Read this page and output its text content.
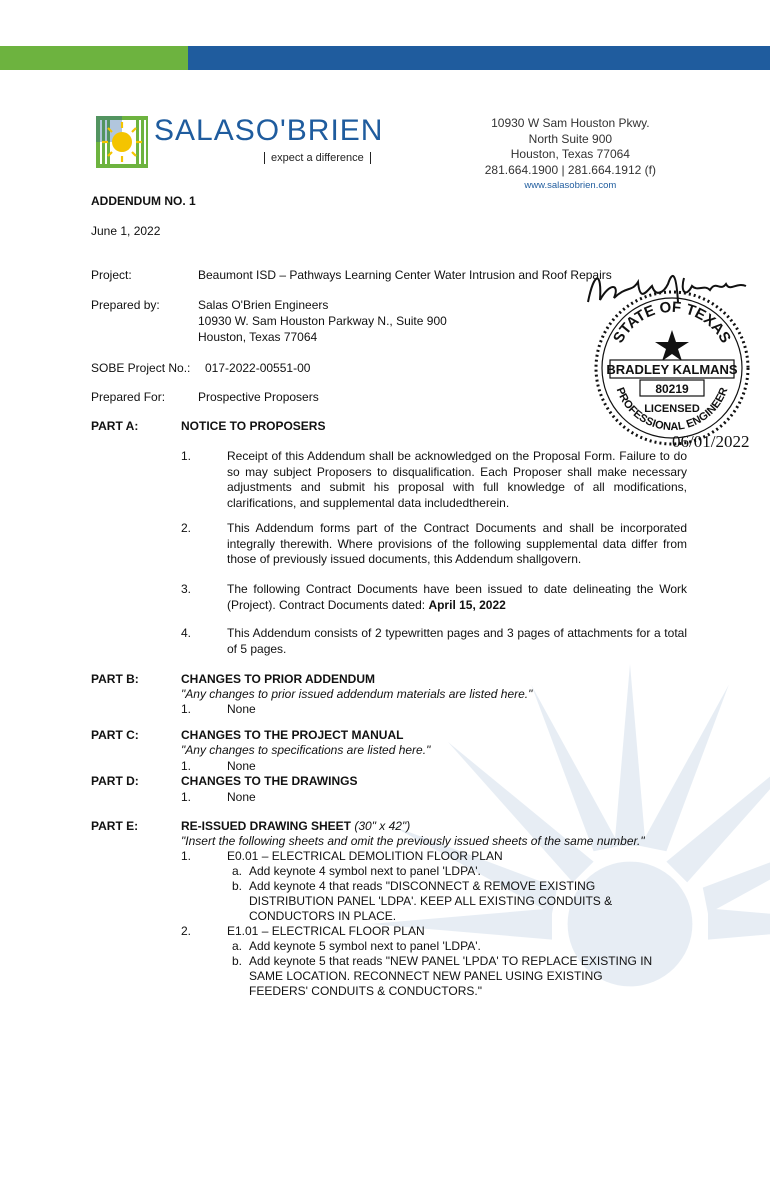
SALASO'BRIEN
expect a difference
10930 W Sam Houston Pkwy.
North Suite 900
Houston, Texas 77064
281.664.1900 | 281.664.1912 (f)
www.salasobrien.com
ADDENDUM NO. 1
June 1, 2022
Project:	Beaumont ISD – Pathways Learning Center Water Intrusion and Roof Repairs
Prepared by:	Salas O'Brien Engineers
10930 W. Sam Houston Parkway N., Suite 900
Houston, Texas 77064
SOBE Project No.: 017-2022-00551-00
Prepared For:	Prospective Proposers
STATE OF TEXAS
BRADLEY KALMANS
80219
LICENSED
PROFESSIONAL ENGINEER
06/01/2022
PART A:	NOTICE TO PROPOSERS
1.	Receipt of this Addendum shall be acknowledged on the Proposal Form. Failure to do so may subject Proposers to disqualification. Each Proposer shall make necessary adjustments and submit his proposal with full knowledge of all modifications, clarifications, and supplemental data includedtherein.
2.	This Addendum forms part of the Contract Documents and shall be incorporated integrally therewith. Where provisions of the following supplemental data differ from those of previously issued documents, this Addendum shallgovern.
3.	The following Contract Documents have been issued to date delineating the Work (Project). Contract Documents dated: April 15, 2022
4.	This Addendum consists of 2 typewritten pages and 3 pages of attachments for a total of 5 pages.
PART B:	CHANGES TO PRIOR ADDENDUM
"Any changes to prior issued addendum materials are listed here."
1.	None
PART C:	CHANGES TO THE PROJECT MANUAL
"Any changes to specifications are listed here."
1.	None
PART D:	CHANGES TO THE DRAWINGS
1.	None
PART E:	RE-ISSUED DRAWING SHEET (30" x 42")
"Insert the following sheets and omit the previously issued sheets of the same number."
1.	E0.01 – ELECTRICAL DEMOLITION FLOOR PLAN
a. Add keynote 4 symbol next to panel 'LDPA'.
b. Add keynote 4 that reads "DISCONNECT & REMOVE EXISTING
DISTRIBUTION PANEL 'LDPA'. KEEP ALL EXISTING CONDUITS &
CONDUCTORS IN PLACE.
2.	E1.01 – ELECTRICAL FLOOR PLAN
a. Add keynote 5 symbol next to panel 'LDPA'.
b. Add keynote 5 that reads "NEW PANEL 'LPDA' TO REPLACE EXISTING IN
SAME LOCATION. RECONNECT NEW PANEL USING EXISTING
FEEDERS' CONDUITS & CONDUCTORS."
